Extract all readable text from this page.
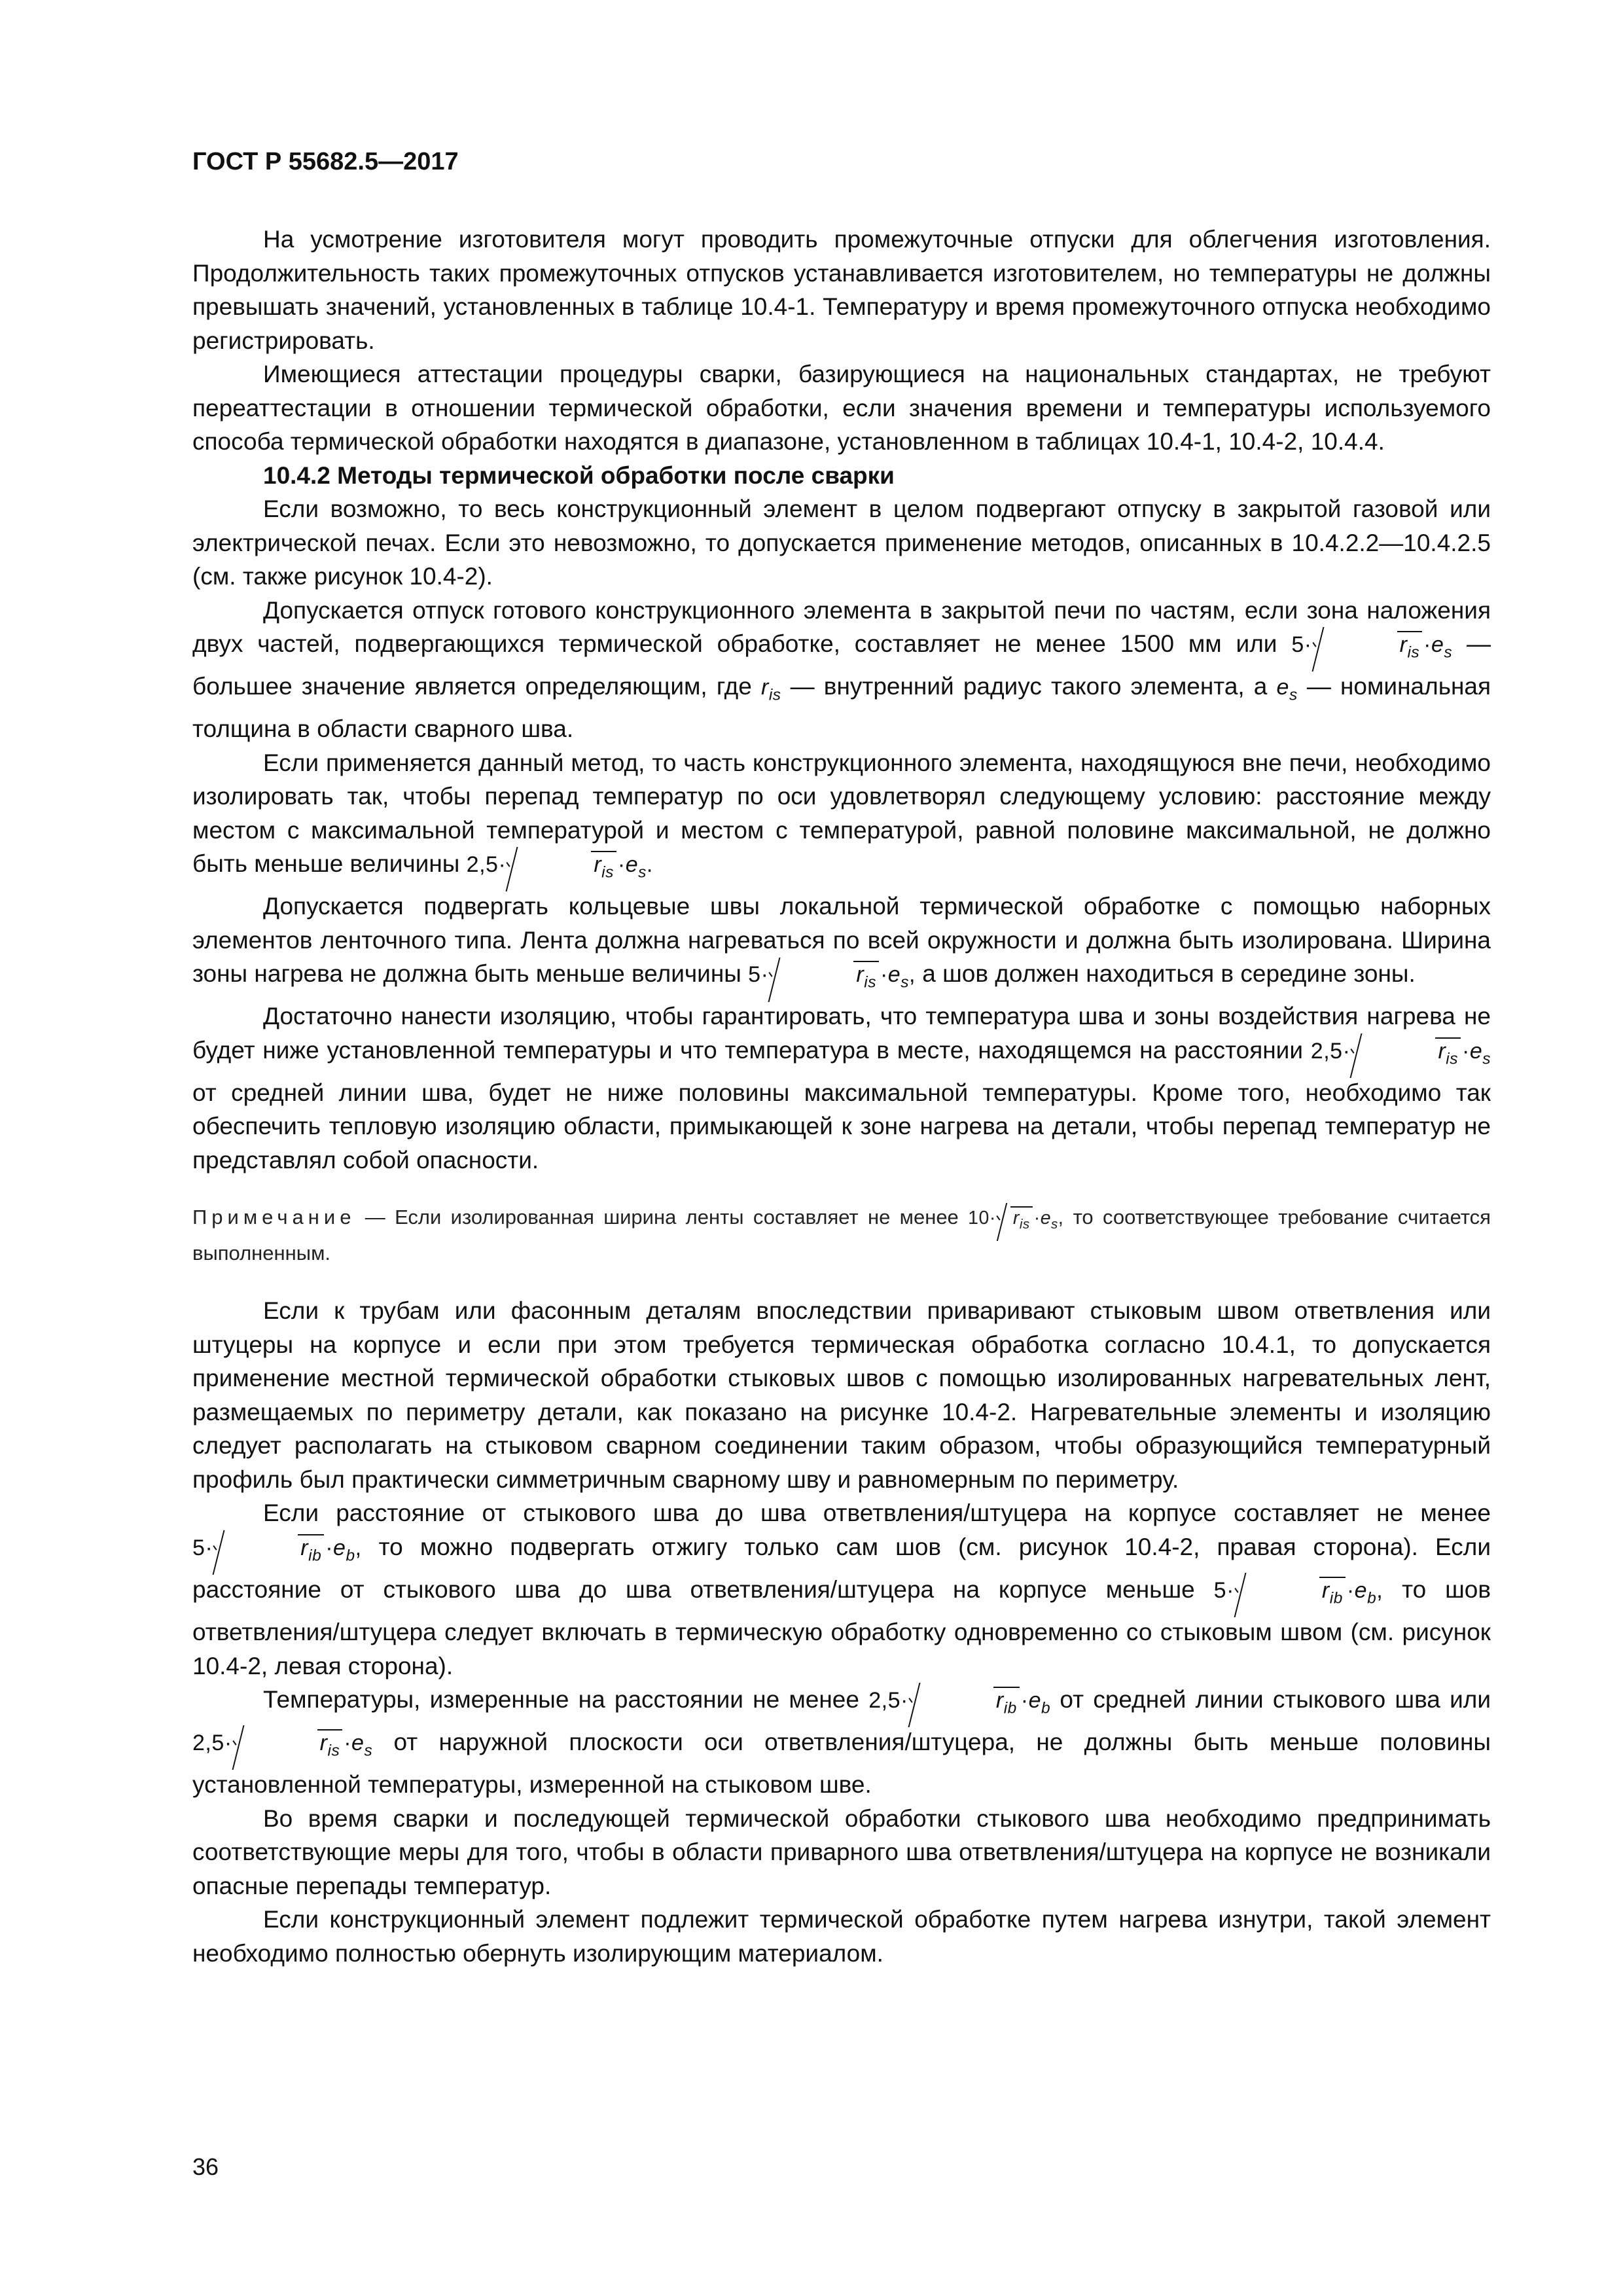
ГОСТ Р 55682.5—2017

На усмотрение изготовителя могут проводить промежуточные отпуски для облегчения изготовления. Продолжительность таких промежуточных отпусков устанавливается изготовителем, но температуры не должны превышать значений, установленных в таблице 10.4-1. Температуру и время промежуточного отпуска необходимо регистрировать.

Имеющиеся аттестации процедуры сварки, базирующиеся на национальных стандартах, не требуют переаттестации в отношении термической обработки, если значения времени и температуры используемого способа термической обработки находятся в диапазоне, установленном в таблицах 10.4-1, 10.4-2, 10.4.4.

10.4.2 Методы термической обработки после сварки

Если возможно, то весь конструкционный элемент в целом подвергают отпуску в закрытой газовой или электрической печах. Если это невозможно, то допускается применение методов, описанных в 10.4.2.2—10.4.2.5 (см. также рисунок 10.4-2).

Допускается отпуск готового конструкционного элемента в закрытой печи по частям, если зона наложения двух частей, подвергающихся термической обработке, составляет не менее 1500 мм или 5·	$r_{is} \cdot e_s$ — большее значение является определяющим, где $r_{is}$ — внутренний радиус такого элемента, а $e_s$ — номинальная толщина в области сварного шва.

Если применяется данный метод, то часть конструкционного элемента, находящуюся вне печи, необходимо изолировать так, чтобы перепад температур по оси удовлетворял следующему условию: расстояние между местом с максимальной температурой и местом с температурой, равной половине максимальной, не должно быть меньше величины 2,5·	$r_{is} \cdot e_s$.

Допускается подвергать кольцевые швы локальной термической обработке с помощью наборных элементов ленточного типа. Лента должна нагреваться по всей окружности и должна быть изолирована. Ширина зоны нагрева не должна быть меньше величины 5·	$r_{is} \cdot e_s$, а шов должен находиться в середине зоны.

Достаточно нанести изоляцию, чтобы гарантировать, что температура шва и зоны воздействия нагрева не будет ниже установленной температуры и что температура в месте, находящемся на расстоянии 2,5·	$r_{is} \cdot e_s$ от средней линии шва, будет не ниже половины максимальной температуры. Кроме того, необходимо так обеспечить тепловую изоляцию области, примыкающей к зоне нагрева на детали, чтобы перепад температур не представлял собой опасности.

Примечание — Если изолированная ширина ленты составляет не менее $10\cdot r_{is} \cdot e_s$, то соответствующее требование считается выполненным.

Если к трубам или фасонным деталям впоследствии приваривают стыковым швом ответвления или штуцеры на корпусе и если при этом требуется термическая обработка согласно 10.4.1, то допускается применение местной термической обработки стыковых швов с помощью изолированных нагревательных лент, размещаемых по периметру детали, как показано на рисунке 10.4-2. Нагревательные элементы и изоляцию следует располагать на стыковом сварном соединении таким образом, чтобы образующийся температурный профиль был практически симметричным сварному шву и равномерным по периметру.

Если расстояние от стыкового шва до шва ответвления/штуцера на корпусе составляет не менее 5·	$r_{ib} \cdot e_b$, то можно подвергать отжигу только сам шов (см. рисунок 10.4-2, правая сторона). Если расстояние от стыкового шва до шва ответвления/штуцера на корпусе меньше 5·	$r_{ib} \cdot e_b$, то шов ответвления/штуцера следует включать в термическую обработку одновременно со стыковым швом (см. рисунок 10.4-2, левая сторона).

Температуры, измеренные на расстоянии не менее 2,5·	$r_{ib} \cdot e_b$ от средней линии стыкового шва или 2,5·	$r_{is} \cdot e_s$ от наружной плоскости оси ответвления/штуцера, не должны быть меньше половины установленной температуры, измеренной на стыковом шве.

Во время сварки и последующей термической обработки стыкового шва необходимо предпринимать соответствующие меры для того, чтобы в области приварного шва ответвления/штуцера на корпусе не возникали опасные перепады температур.

Если конструкционный элемент подлежит термической обработке путем нагрева изнутри, такой элемент необходимо полностью обернуть изолирующим материалом.

36
